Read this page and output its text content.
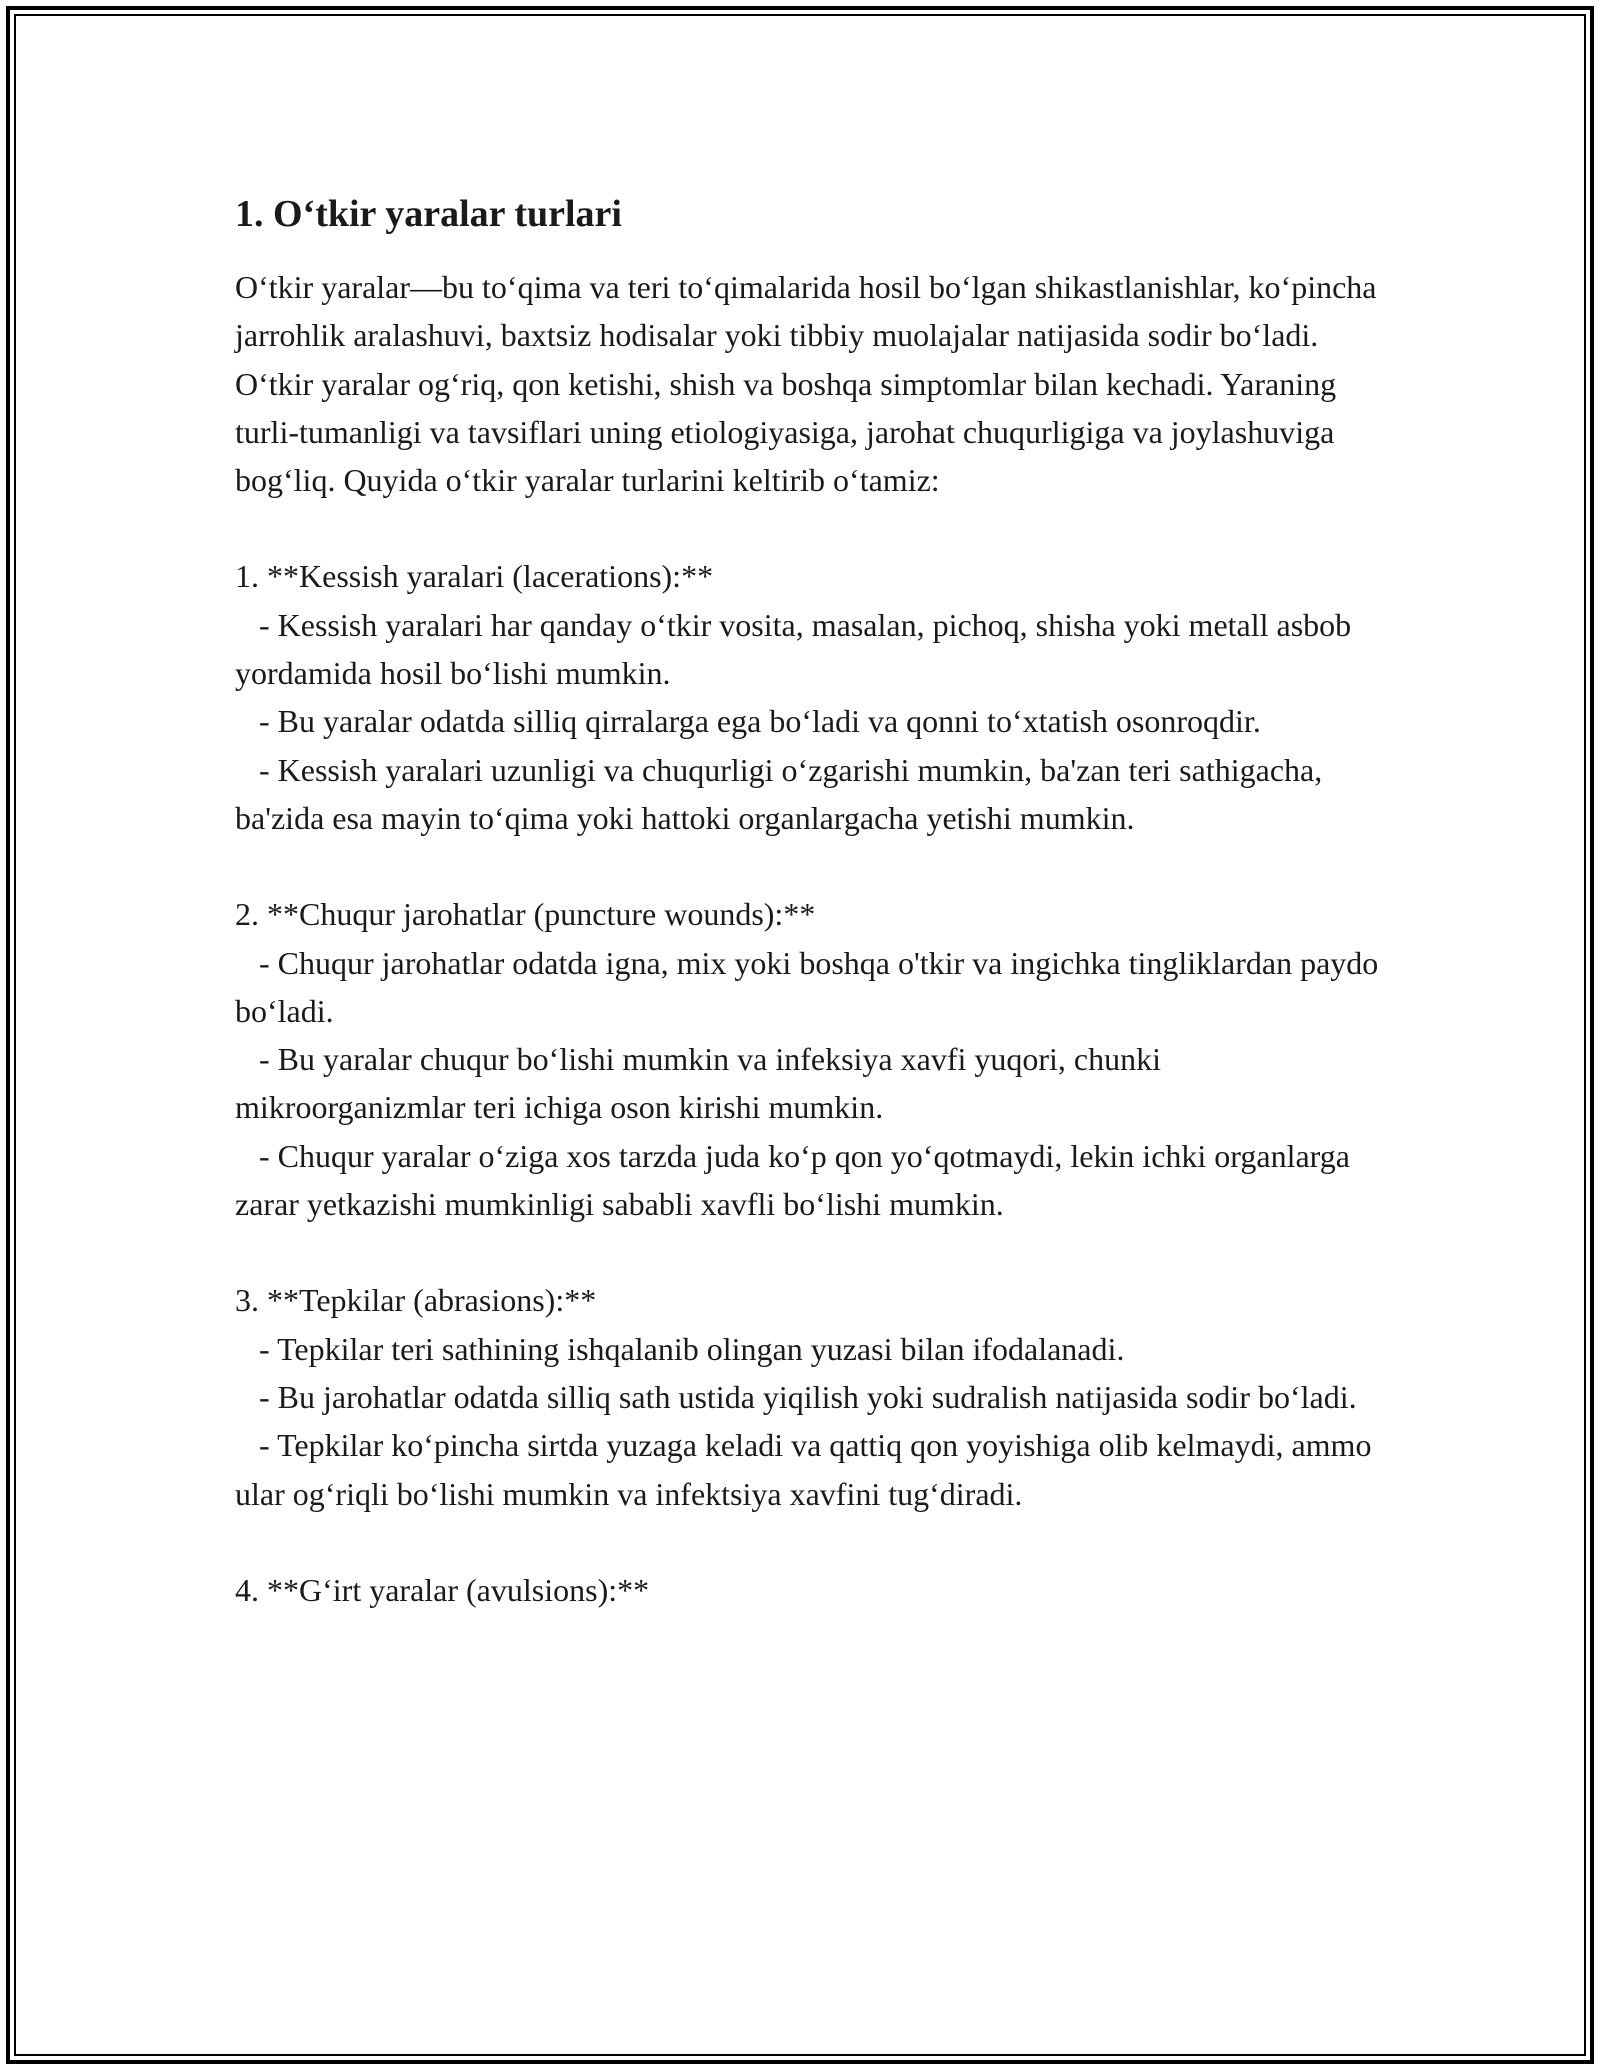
1. O‘tkir yaralar turlari

O‘tkir yaralar—bu to‘qima va teri to‘qimalarida hosil bo‘lgan shikastlanishlar, ko‘pincha jarrohlik aralashuvi, baxtsiz hodisalar yoki tibbiy muolajalar natijasida sodir bo‘ladi. O‘tkir yaralar og‘riq, qon ketishi, shish va boshqa simptomlar bilan kechadi. Yaraning turli-tumanligi va tavsiflari uning etiologiyasiga, jarohat chuqurligiga va joylashuviga bog‘liq. Quyida o‘tkir yaralar turlarini keltirib o‘tamiz:

1. **Kessish yaralari (lacerations):**

- Kessish yaralari har qanday o‘tkir vosita, masalan, pichoq, shisha yoki metall asbob yordamida hosil bo‘lishi mumkin.

- Bu yaralar odatda silliq qirralarga ega bo‘ladi va qonni to‘xtatish osonroqdir.

- Kessish yaralari uzunligi va chuqurligi o‘zgarishi mumkin, ba'zan teri sathigacha, ba'zida esa mayin to‘qima yoki hattoki organlargacha yetishi mumkin.

2. **Chuqur jarohatlar (puncture wounds):**

- Chuqur jarohatlar odatda igna, mix yoki boshqa o'tkir va ingichka tingliklardan paydo bo‘ladi.

- Bu yaralar chuqur bo‘lishi mumkin va infeksiya xavfi yuqori, chunki mikroorganizmlar teri ichiga oson kirishi mumkin.

- Chuqur yaralar o‘ziga xos tarzda juda ko‘p qon yo‘qotmaydi, lekin ichki organlarga zarar yetkazishi mumkinligi sababli xavfli bo‘lishi mumkin.

3. **Tepkilar (abrasions):**

- Tepkilar teri sathining ishqalanib olingan yuzasi bilan ifodalanadi.

- Bu jarohatlar odatda silliq sath ustida yiqilish yoki sudralish natijasida sodir bo‘ladi.

- Tepkilar ko‘pincha sirtda yuzaga keladi va qattiq qon yoyishiga olib kelmaydi, ammo ular og‘riqli bo‘lishi mumkin va infektsiya xavfini tug‘diradi.

4. **G‘irt yaralar (avulsions):**
